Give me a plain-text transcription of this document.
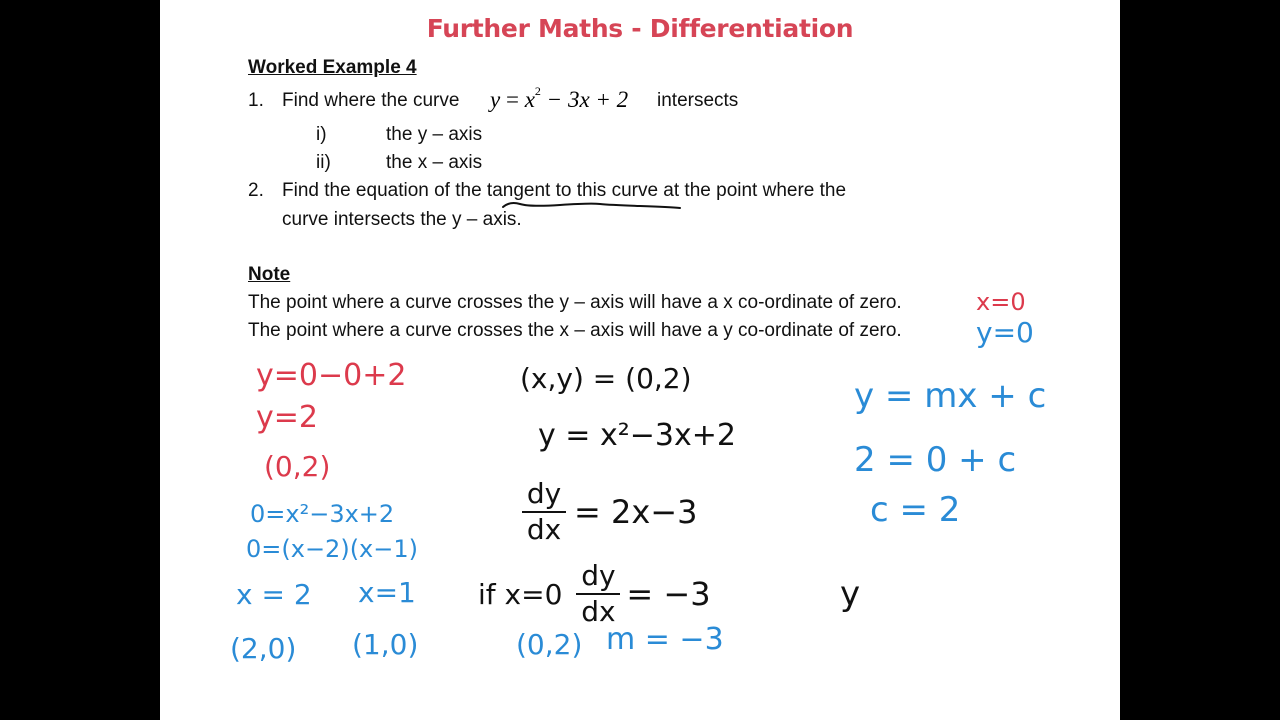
Further Maths - Differentiation
Worked Example 4
1. Find where the curve $y = x^2 - 3x + 2$ intersects
i)	the y – axis
ii)	the x – axis
2. Find the equation of the tangent to this curve at the point where the
curve intersects the y – axis.
Note
The point where a curve crosses the y – axis will have a x co-ordinate of zero.
The point where a curve crosses the x – axis will have a y co-ordinate of zero.
x=0
y=0
y=0−0+2
y=2
(0,2)
0=x²−3x+2
0=(x−2)(x−1)
x = 2 x=1
(2,0) (1,0)
(x,y) = (0,2)
y = x²−3x+2
$\frac{dy}{dx} = 2x-3$
if $x=0 \frac{dy}{dx} = -3$
(0,2) m = −3
y = mx + c
2 = 0 + c
c = 2
y
